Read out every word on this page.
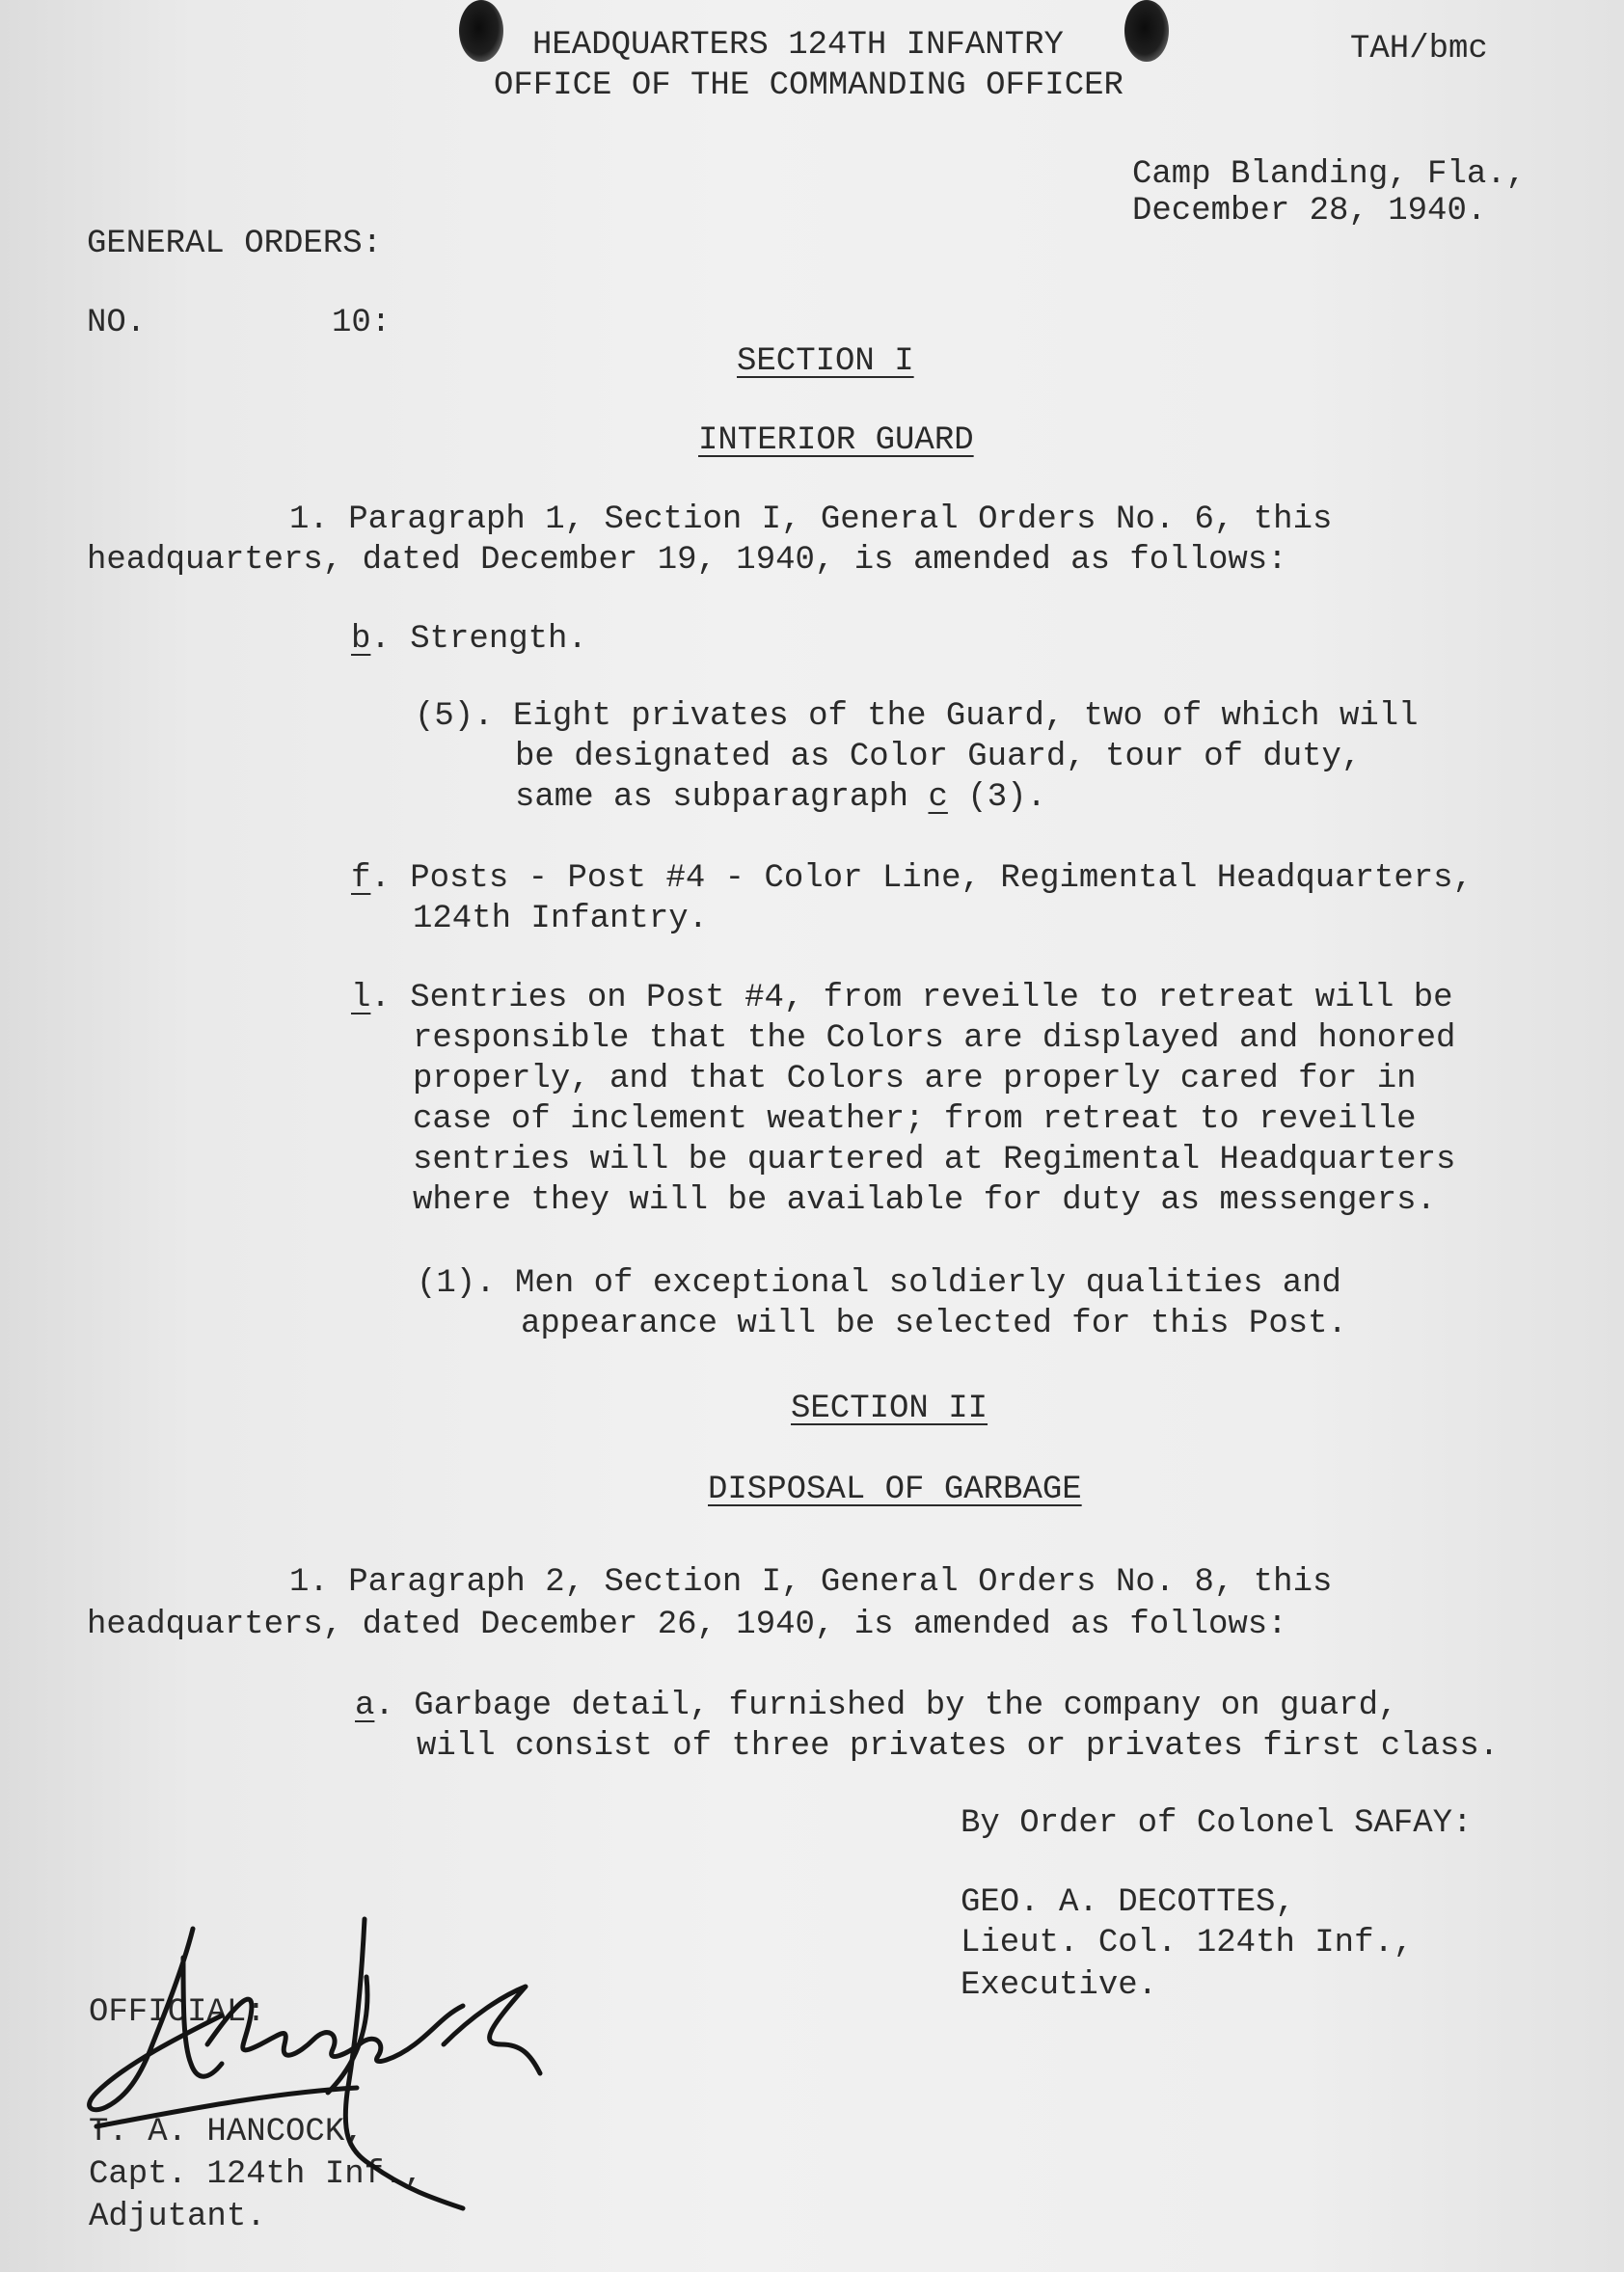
HEADQUARTERS 124TH INFANTRY
OFFICE OF THE COMMANDING OFFICER
TAH/bmc
Camp Blanding, Fla.,
December 28, 1940.
GENERAL ORDERS:
NO.	10:
SECTION I
INTERIOR GUARD
1. Paragraph 1, Section I, General Orders No. 6, this
headquarters, dated December 19, 1940, is amended as follows:
b. Strength.
(5). Eight privates of the Guard, two of which will
be designated as Color Guard, tour of duty,
same as subparagraph c (3).
f. Posts - Post #4 - Color Line, Regimental Headquarters,
124th Infantry.
l. Sentries on Post #4, from reveille to retreat will be
responsible that the Colors are displayed and honored
properly, and that Colors are properly cared for in
case of inclement weather; from retreat to reveille
sentries will be quartered at Regimental Headquarters
where they will be available for duty as messengers.
(1). Men of exceptional soldierly qualities and
appearance will be selected for this Post.
SECTION II
DISPOSAL OF GARBAGE
1. Paragraph 2, Section I, General Orders No. 8, this
headquarters, dated December 26, 1940, is amended as follows:
a. Garbage detail, furnished by the company on guard,
will consist of three privates or privates first class.
By Order of Colonel SAFAY:
GEO. A. DECOTTES,
Lieut. Col. 124th Inf.,
Executive.
OFFICIAL:
T. A. HANCOCK,
Capt. 124th Inf.,
Adjutant.
